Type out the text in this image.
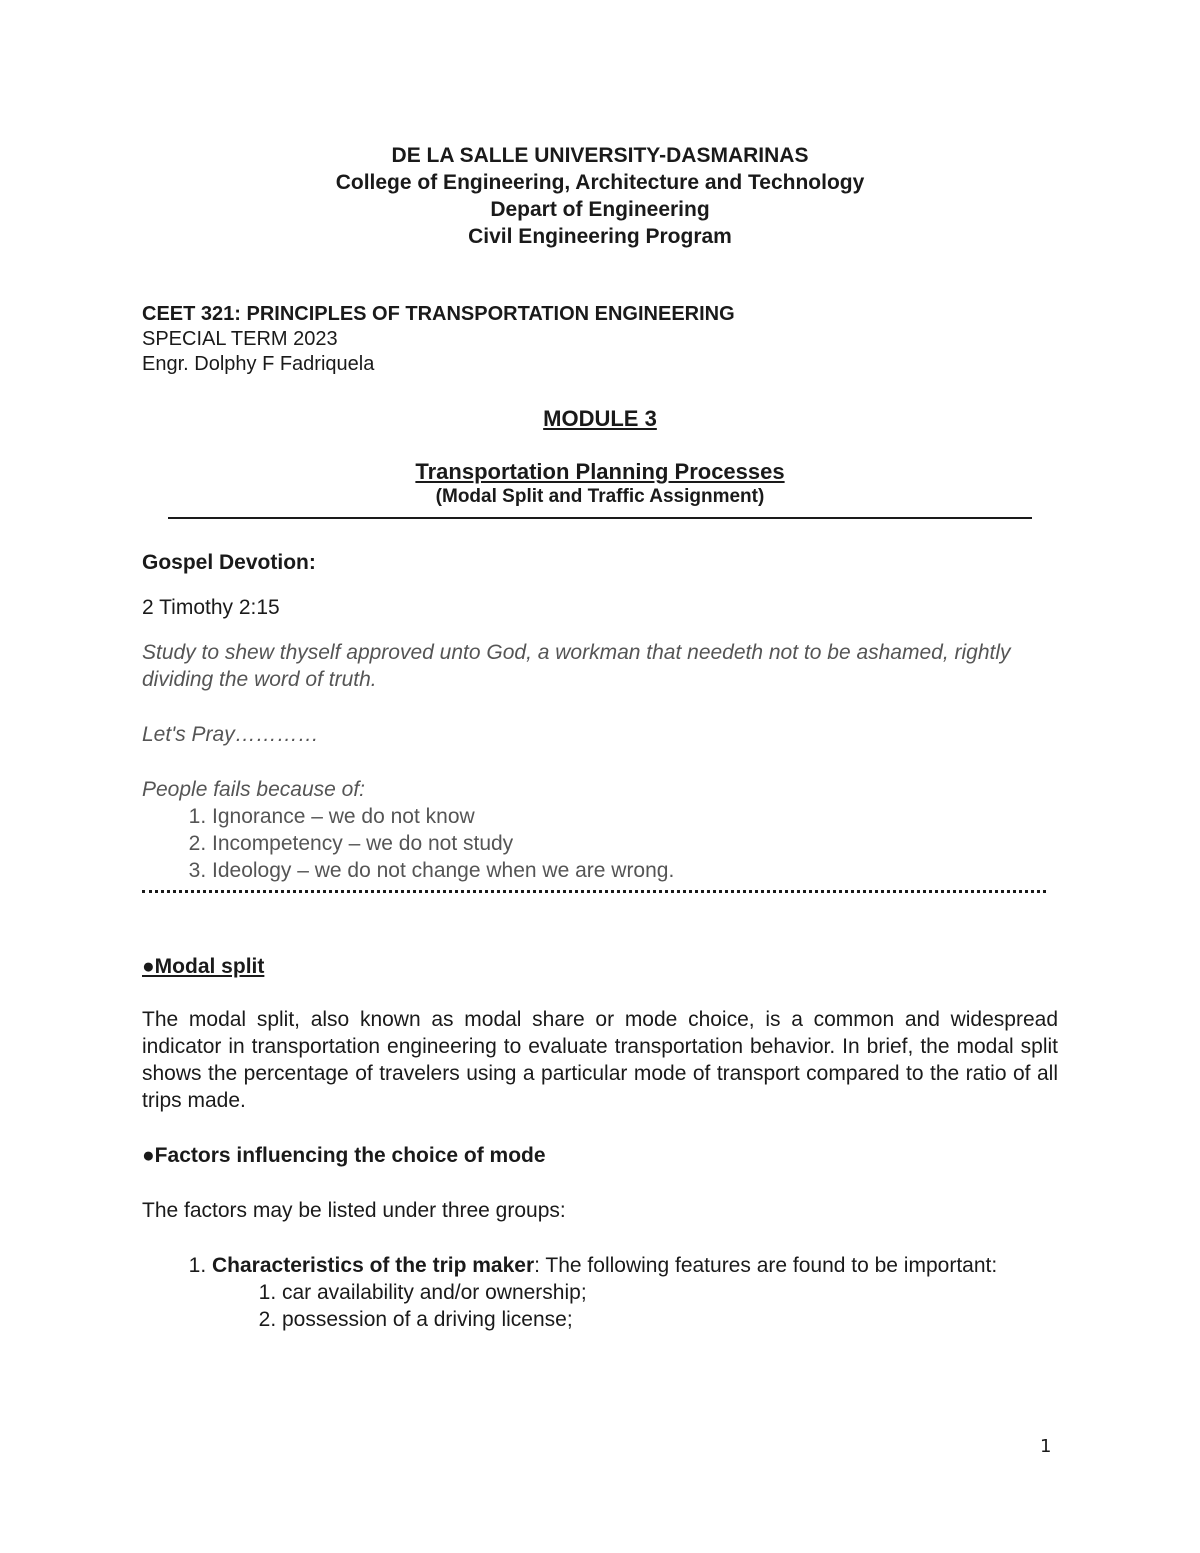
DE LA SALLE UNIVERSITY-DASMARINAS
College of Engineering, Architecture and Technology
Depart of Engineering
Civil Engineering Program
CEET 321: PRINCIPLES OF TRANSPORTATION ENGINEERING
SPECIAL TERM 2023
Engr. Dolphy F Fadriquela
MODULE 3
Transportation Planning Processes
(Modal Split and Traffic Assignment)
Gospel Devotion:
2 Timothy 2:15
Study to shew thyself approved unto God, a workman that needeth not to be ashamed, rightly dividing the word of truth.
Let's Pray…………
People fails because of:
1. Ignorance – we do not know
2. Incompetency – we do not study
3. Ideology – we do not change when we are wrong.
●Modal split
The modal split, also known as modal share or mode choice, is a common and widespread indicator in transportation engineering to evaluate transportation behavior. In brief, the modal split shows the percentage of travelers using a particular mode of transport compared to the ratio of all trips made.
●Factors influencing the choice of mode
The factors may be listed under three groups:
1. Characteristics of the trip maker: The following features are found to be important:
1. car availability and/or ownership;
2. possession of a driving license;
1
